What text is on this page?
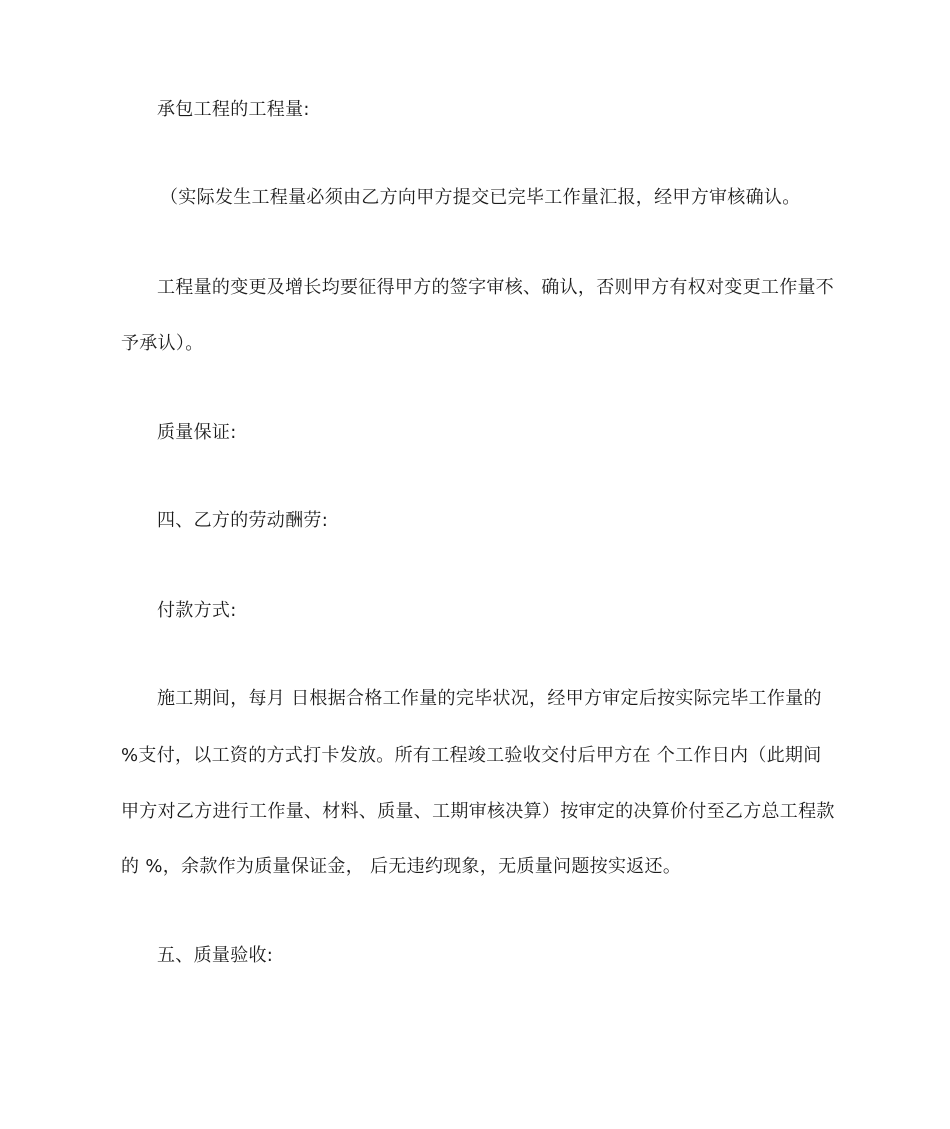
承包工程的工程量:
（实际发生工程量必须由乙方向甲方提交已完毕工作量汇报，经甲方审核确认。
工程量的变更及增长均要征得甲方的签字审核、确认，否则甲方有权对变更工作量不
予承认）。
质量保证:
四、乙方的劳动酬劳:
付款方式:
施工期间，每月 日根据合格工作量的完毕状况，经甲方审定后按实际完毕工作量的
%支付，以工资的方式打卡发放。所有工程竣工验收交付后甲方在 个工作日内（此期间
甲方对乙方进行工作量、材料、质量、工期审核决算）按审定的决算价付至乙方总工程款
的 %，余款作为质量保证金， 后无违约现象，无质量问题按实返还。
五、质量验收:
